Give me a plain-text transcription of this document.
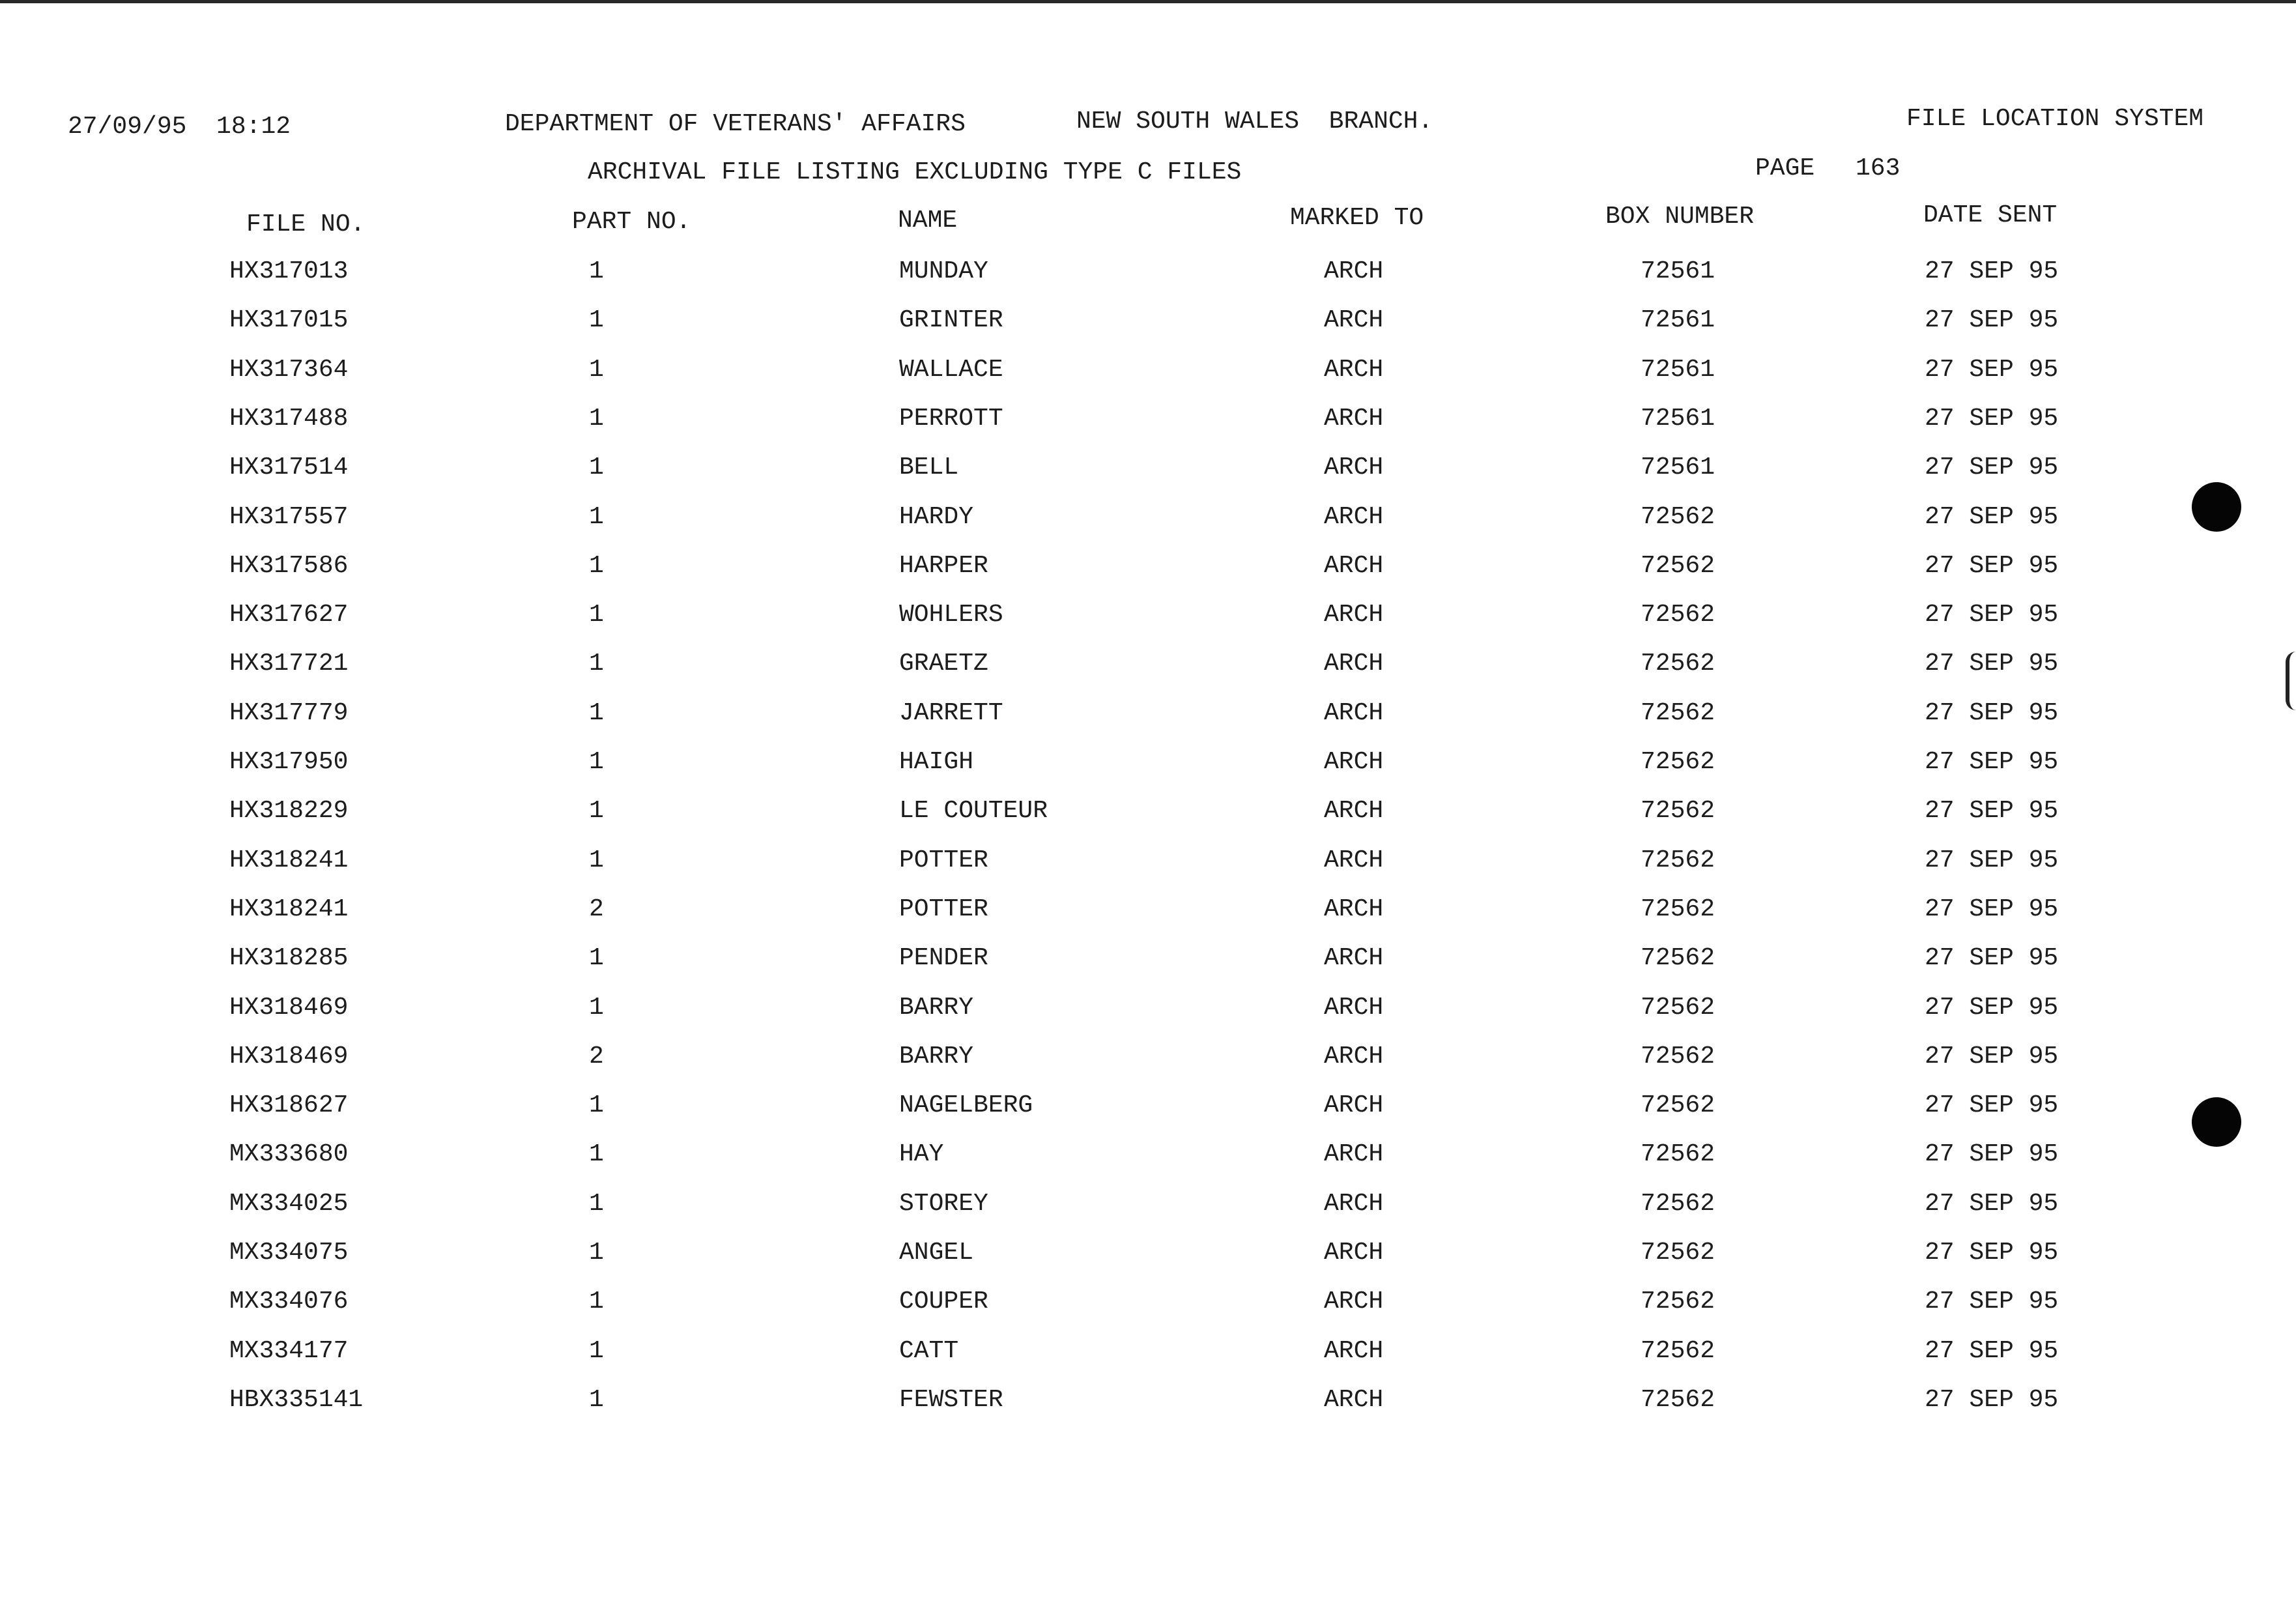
27/09/95  18:12	DEPARTMENT OF VETERANS' AFFAIRS	NEW SOUTH WALES  BRANCH.	FILE LOCATION SYSTEM
ARCHIVAL FILE LISTING EXCLUDING TYPE C FILES	PAGE 163
FILE NO.	PART NO.	NAME	MARKED TO	BOX NUMBER	DATE SENT
HX317013	1	MUNDAY	ARCH	72561	27 SEP 95
HX317015	1	GRINTER	ARCH	72561	27 SEP 95
HX317364	1	WALLACE	ARCH	72561	27 SEP 95
HX317488	1	PERROTT	ARCH	72561	27 SEP 95
HX317514	1	BELL	ARCH	72561	27 SEP 95
HX317557	1	HARDY	ARCH	72562	27 SEP 95
HX317586	1	HARPER	ARCH	72562	27 SEP 95
HX317627	1	WOHLERS	ARCH	72562	27 SEP 95
HX317721	1	GRAETZ	ARCH	72562	27 SEP 95
HX317779	1	JARRETT	ARCH	72562	27 SEP 95
HX317950	1	HAIGH	ARCH	72562	27 SEP 95
HX318229	1	LE COUTEUR	ARCH	72562	27 SEP 95
HX318241	1	POTTER	ARCH	72562	27 SEP 95
HX318241	2	POTTER	ARCH	72562	27 SEP 95
HX318285	1	PENDER	ARCH	72562	27 SEP 95
HX318469	1	BARRY	ARCH	72562	27 SEP 95
HX318469	2	BARRY	ARCH	72562	27 SEP 95
HX318627	1	NAGELBERG	ARCH	72562	27 SEP 95
MX333680	1	HAY	ARCH	72562	27 SEP 95
MX334025	1	STOREY	ARCH	72562	27 SEP 95
MX334075	1	ANGEL	ARCH	72562	27 SEP 95
MX334076	1	COUPER	ARCH	72562	27 SEP 95
MX334177	1	CATT	ARCH	72562	27 SEP 95
HBX335141	1	FEWSTER	ARCH	72562	27 SEP 95
